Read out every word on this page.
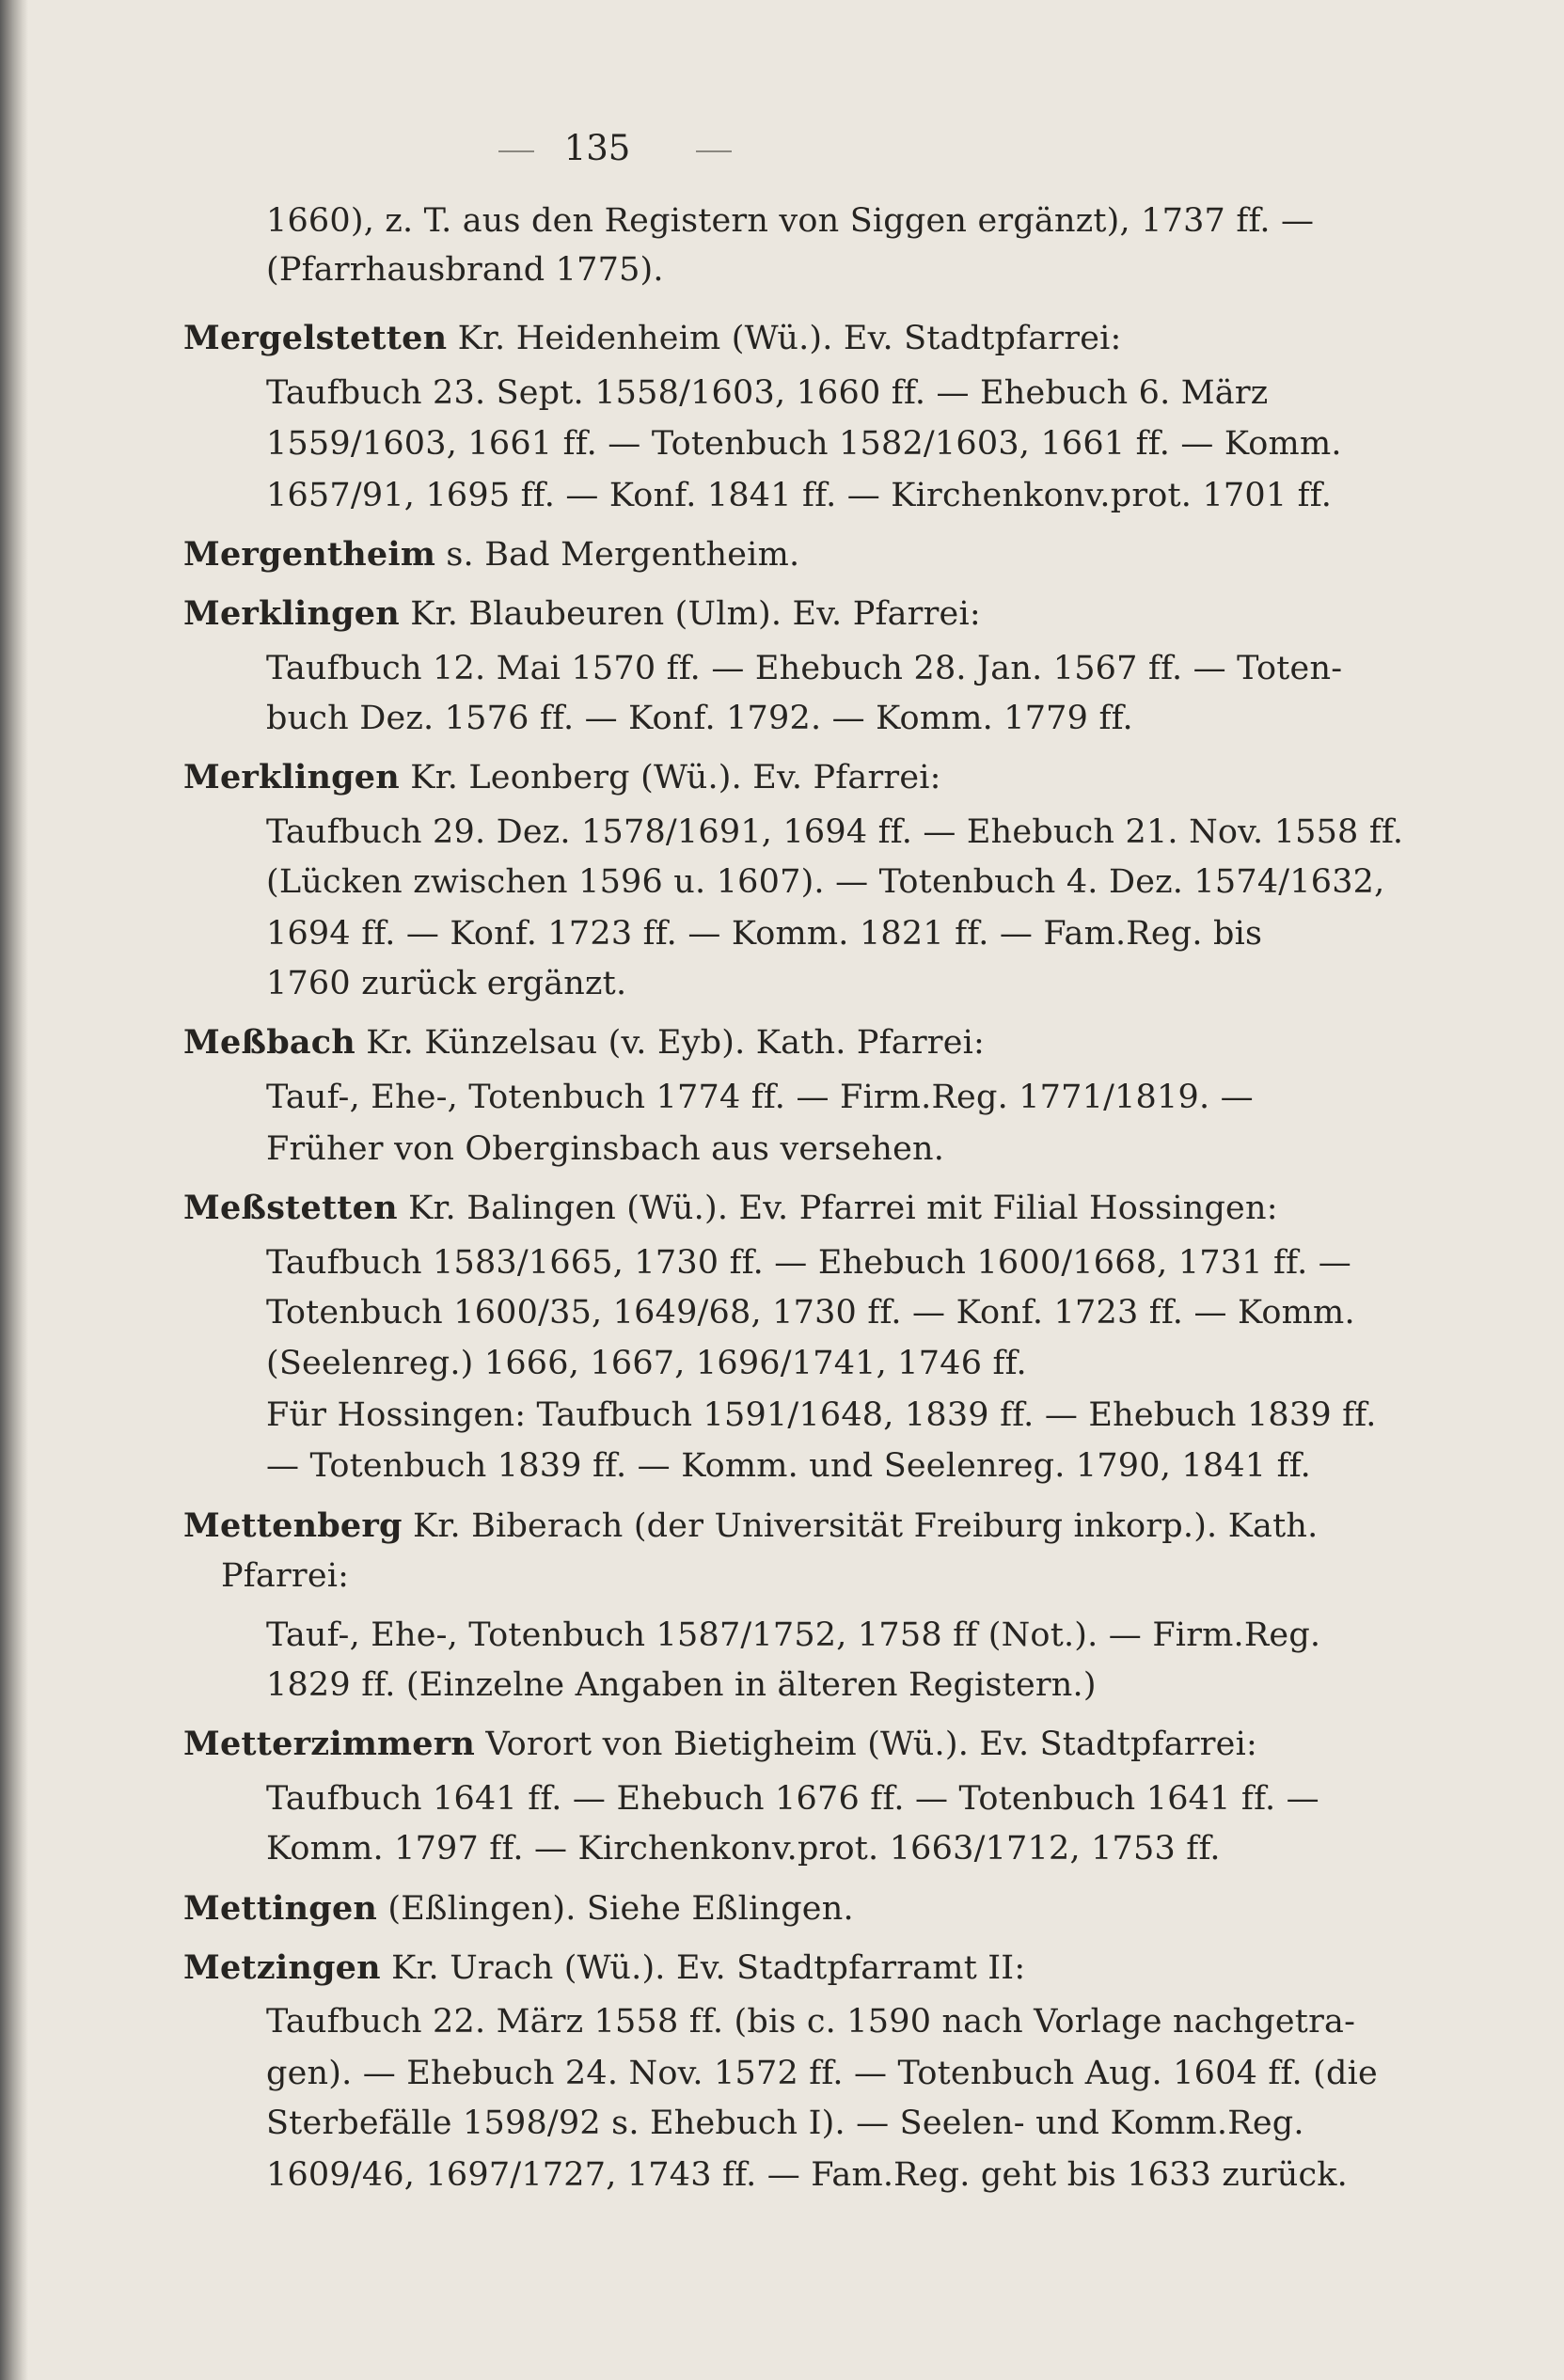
135
1660), z. T. aus den Registern von Siggen ergänzt), 1737 ff. —
(Pfarrhausbrand 1775).
Mergelstetten Kr. Heidenheim (Wü.). Ev. Stadtpfarrei:
Taufbuch 23. Sept. 1558/1603, 1660 ff. — Ehebuch 6. März
1559/1603, 1661 ff. — Totenbuch 1582/1603, 1661 ff. — Komm.
1657/91, 1695 ff. — Konf. 1841 ff. — Kirchenkonv.prot. 1701 ff.
Mergentheim s. Bad Mergentheim.
Merklingen Kr. Blaubeuren (Ulm). Ev. Pfarrei:
Taufbuch 12. Mai 1570 ff. — Ehebuch 28. Jan. 1567 ff. — Toten-
buch Dez. 1576 ff. — Konf. 1792. — Komm. 1779 ff.
Merklingen Kr. Leonberg (Wü.). Ev. Pfarrei:
Taufbuch 29. Dez. 1578/1691, 1694 ff. — Ehebuch 21. Nov. 1558 ff.
(Lücken zwischen 1596 u. 1607). — Totenbuch 4. Dez. 1574/1632,
1694 ff. — Konf. 1723 ff. — Komm. 1821 ff. — Fam.Reg. bis
1760 zurück ergänzt.
Meßbach Kr. Künzelsau (v. Eyb). Kath. Pfarrei:
Tauf-, Ehe-, Totenbuch 1774 ff. — Firm.Reg. 1771/1819. —
Früher von Oberginsbach aus versehen.
Meßstetten Kr. Balingen (Wü.). Ev. Pfarrei mit Filial Hossingen:
Taufbuch 1583/1665, 1730 ff. — Ehebuch 1600/1668, 1731 ff. —
Totenbuch 1600/35, 1649/68, 1730 ff. — Konf. 1723 ff. — Komm.
(Seelenreg.) 1666, 1667, 1696/1741, 1746 ff.
Für Hossingen: Taufbuch 1591/1648, 1839 ff. — Ehebuch 1839 ff.
— Totenbuch 1839 ff. — Komm. und Seelenreg. 1790, 1841 ff.
Mettenberg Kr. Biberach (der Universität Freiburg inkorp.). Kath.
Pfarrei:
Tauf-, Ehe-, Totenbuch 1587/1752, 1758 ff (Not.). — Firm.Reg.
1829 ff. (Einzelne Angaben in älteren Registern.)
Metterzimmern Vorort von Bietigheim (Wü.). Ev. Stadtpfarrei:
Taufbuch 1641 ff. — Ehebuch 1676 ff. — Totenbuch 1641 ff. —
Komm. 1797 ff. — Kirchenkonv.prot. 1663/1712, 1753 ff.
Mettingen (Eßlingen). Siehe Eßlingen.
Metzingen Kr. Urach (Wü.). Ev. Stadtpfarramt II:
Taufbuch 22. März 1558 ff. (bis c. 1590 nach Vorlage nachgetra-
gen). — Ehebuch 24. Nov. 1572 ff. — Totenbuch Aug. 1604 ff. (die
Sterbefälle 1598/92 s. Ehebuch I). — Seelen- und Komm.Reg.
1609/46, 1697/1727, 1743 ff. — Fam.Reg. geht bis 1633 zurück.
